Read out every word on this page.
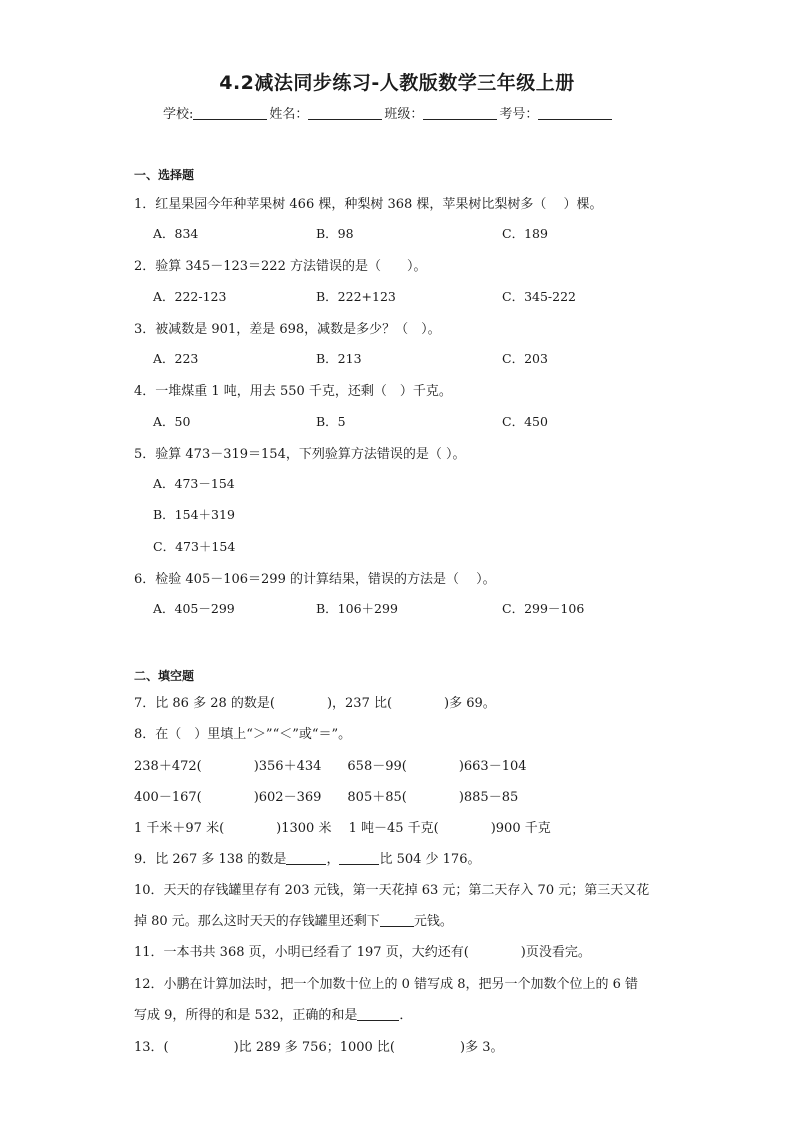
4.2减法同步练习-人教版数学三年级上册
学校:	姓名：	班级：	考号：
一、选择题
1．红星果园今年种苹果树 466 棵，种梨树 368 棵，苹果树比梨树多（　 ）棵。
A．834	B．98	C．189
2．验算 345－123＝222 方法错误的是（　　）。
A．222-123	B．222+123	C．345-222
3．被减数是 901，差是 698，减数是多少？（　）。
A．223	B．213	C．203
4．一堆煤重 1 吨，用去 550 千克，还剩（　）千克。
A．50	B．5	C．450
5．验算 473－319＝154，下列验算方法错误的是（ ）。
A．473－154
B．154＋319
C．473＋154
6．检验 405－106＝299 的计算结果，错误的方法是（　 ）。
A．405－299	B．106＋299	C．299－106
二、填空题
7．比 86 多 28 的数是(　　　　)，237 比(　　　　)多 69。
8．在（　）里填上“＞”“＜”或“＝”。
238＋472(　　　　)356＋434　　658－99(　　　　)663－104
400－167(　　　　)602－369　　805＋85(　　　　)885－85
1 千米＋97 米(　　　　)1300 米　 1 吨－45 千克(　　　　)900 千克
9．比 267 多 138 的数是	，	比 504 少 176。
10．天天的存钱罐里存有 203 元钱，第一天花掉 63 元；第二天存入 70 元；第三天又花
掉 80 元。那么这时天天的存钱罐里还剩下	元钱。
11．一本书共 368 页，小明已经看了 197 页，大约还有(　　　　)页没看完。
12．小鹏在计算加法时，把一个加数十位上的 0 错写成 8，把另一个加数个位上的 6 错
写成 9，所得的和是 532，正确的和是	．
13．(　　　　　)比 289 多 756；1000 比(　　　　　)多 3。
